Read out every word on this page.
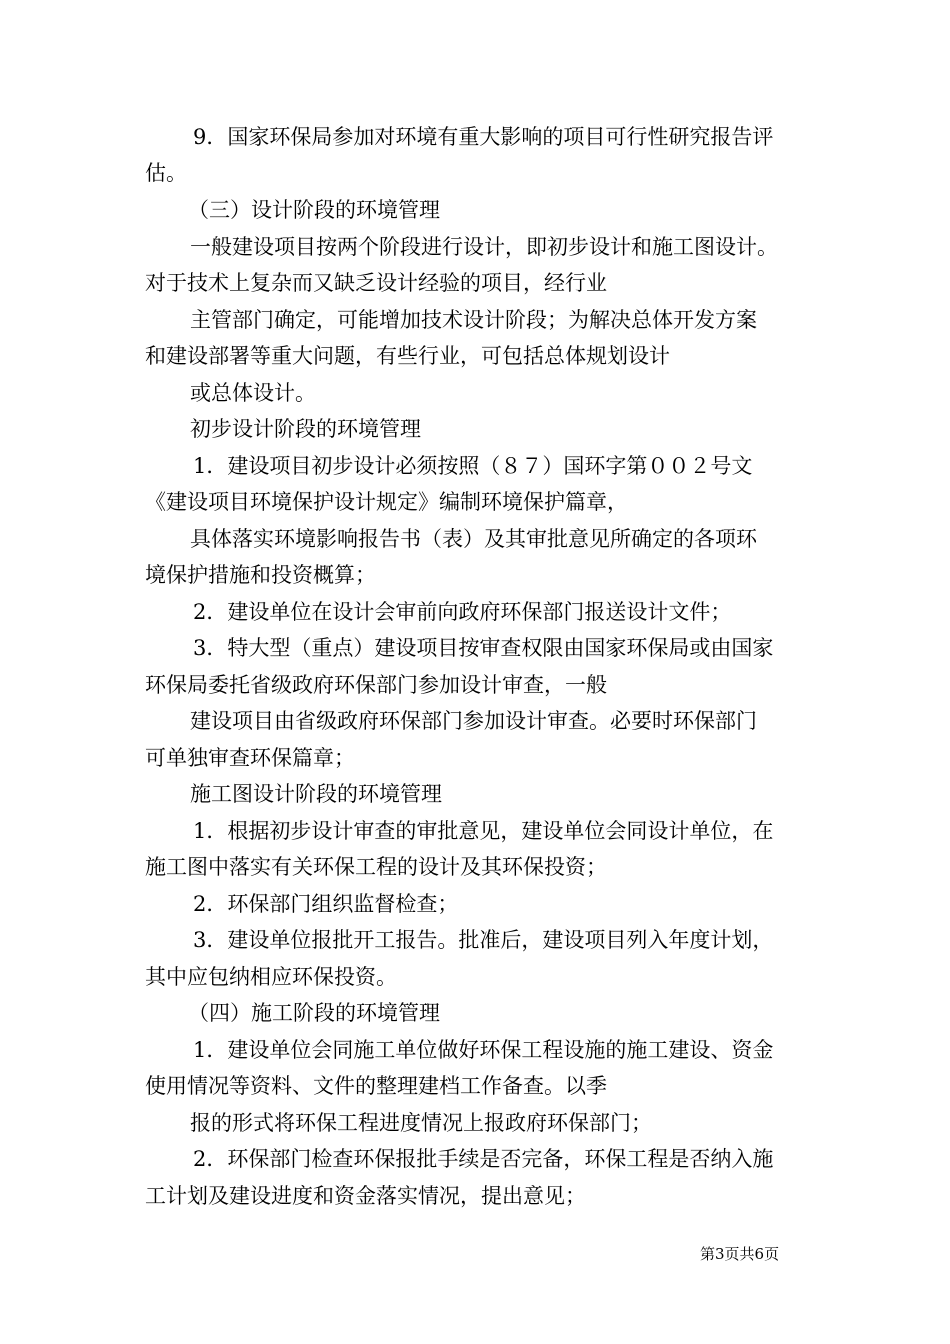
9．国家环保局参加对环境有重大影响的项目可行性研究报告评
估。
（三）设计阶段的环境管理
一般建设项目按两个阶段进行设计，即初步设计和施工图设计。
对于技术上复杂而又缺乏设计经验的项目，经行业
主管部门确定，可能增加技术设计阶段；为解决总体开发方案
和建设部署等重大问题，有些行业，可包括总体规划设计
或总体设计。
初步设计阶段的环境管理
1．建设项目初步设计必须按照（８７）国环字第００２号文
《建设项目环境保护设计规定》编制环境保护篇章，
具体落实环境影响报告书（表）及其审批意见所确定的各项环
境保护措施和投资概算；
2．建设单位在设计会审前向政府环保部门报送设计文件；
3．特大型（重点）建设项目按审查权限由国家环保局或由国家
环保局委托省级政府环保部门参加设计审查，一般
建设项目由省级政府环保部门参加设计审查。必要时环保部门
可单独审查环保篇章；
施工图设计阶段的环境管理
1．根据初步设计审查的审批意见，建设单位会同设计单位，在
施工图中落实有关环保工程的设计及其环保投资；
2．环保部门组织监督检查；
3．建设单位报批开工报告。批准后，建设项目列入年度计划，
其中应包纳相应环保投资。
（四）施工阶段的环境管理
1．建设单位会同施工单位做好环保工程设施的施工建设、资金
使用情况等资料、文件的整理建档工作备查。以季
报的形式将环保工程进度情况上报政府环保部门；
2．环保部门检查环保报批手续是否完备，环保工程是否纳入施
工计划及建设进度和资金落实情况，提出意见；
第3页共6页
